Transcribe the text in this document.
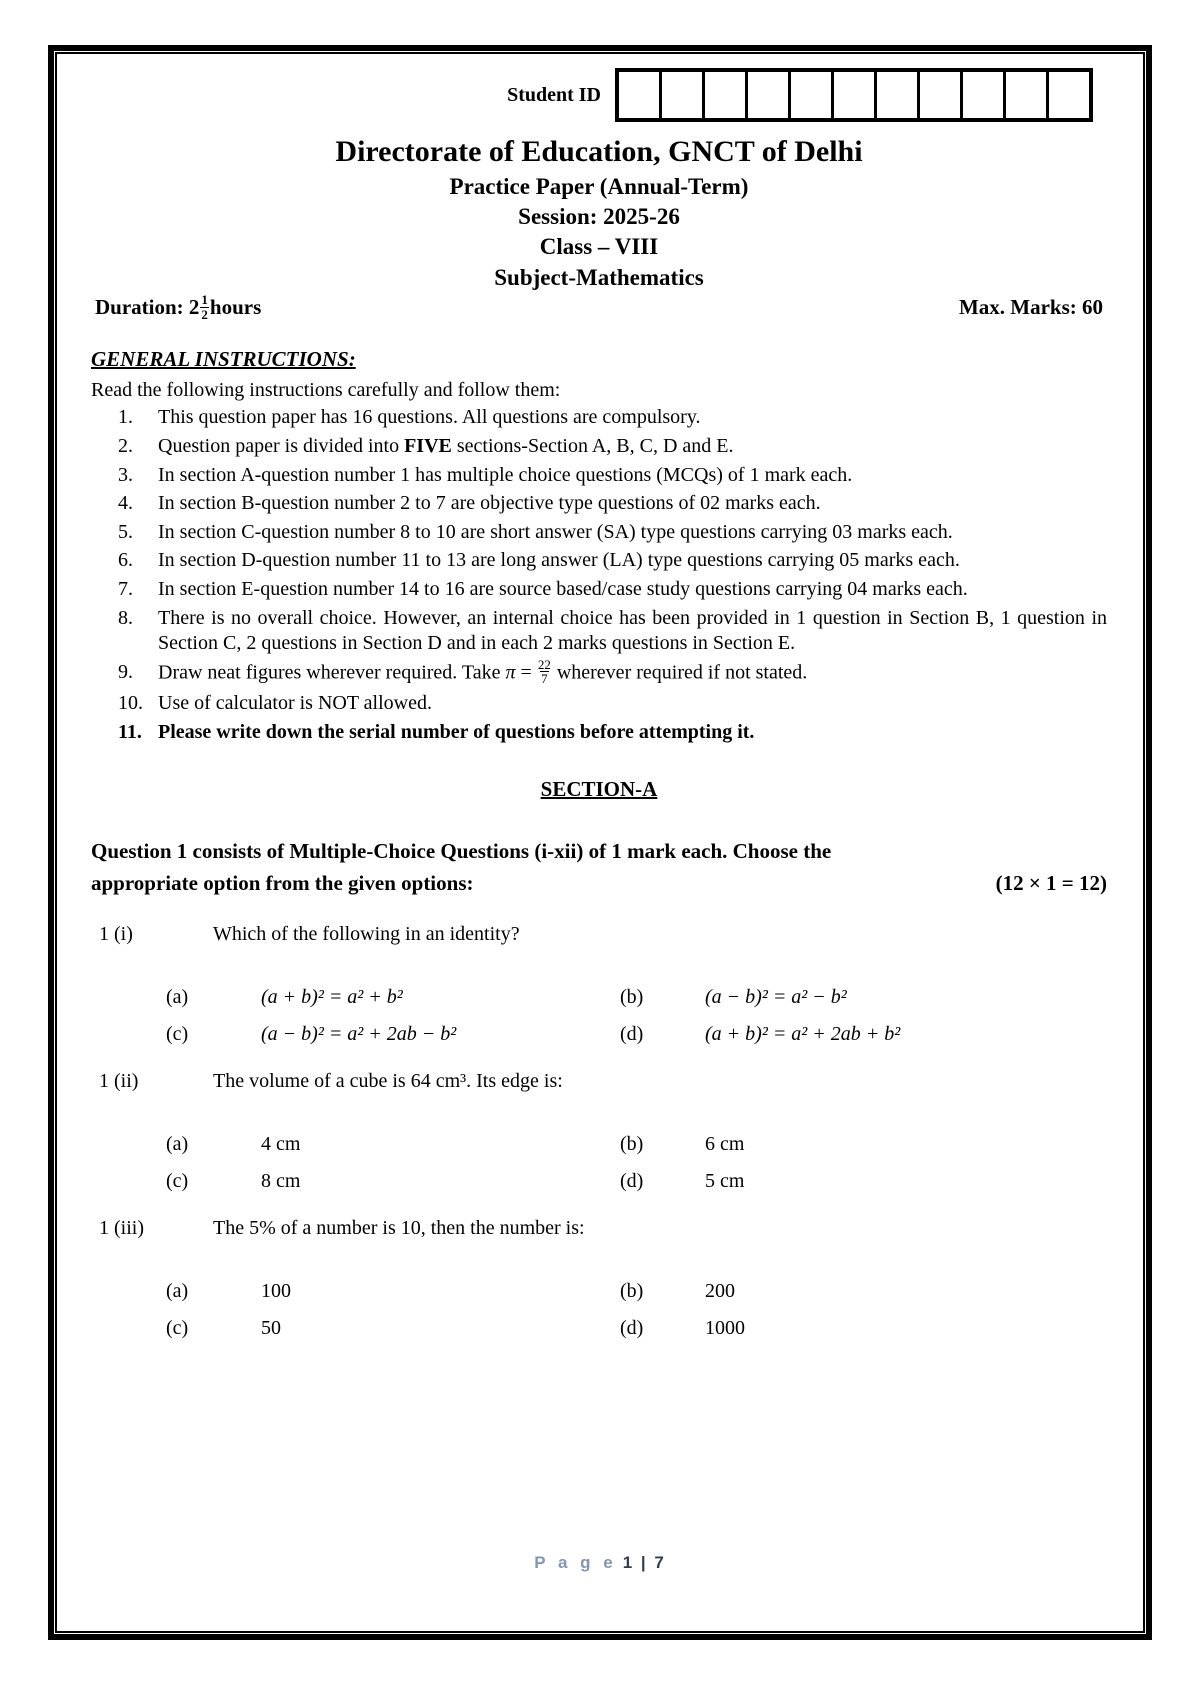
Student ID
Directorate of Education, GNCT of Delhi
Practice Paper (Annual-Term)
Session: 2025-26
Class – VIII
Subject-Mathematics
Duration: $2 \frac{1}{2}$ hours	Max. Marks: 60
GENERAL INSTRUCTIONS:
Read the following instructions carefully and follow them:
1.	This question paper has 16 questions. All questions are compulsory.
2.	Question paper is divided into FIVE sections-Section A, B, C, D and E.
3.	In section A-question number 1 has multiple choice questions (MCQs) of 1 mark each.
4.	In section B-question number 2 to 7 are objective type questions of 02 marks each.
5.	In section C-question number 8 to 10 are short answer (SA) type questions carrying 03 marks each.
6.	In section D-question number 11 to 13 are long answer (LA) type questions carrying 05 marks each.
7.	In section E-question number 14 to 16 are source based/case study questions carrying 04 marks each.
8.	There is no overall choice. However, an internal choice has been provided in 1 question in Section B, 1 question in Section C, 2 questions in Section D and in each 2 marks questions in Section E.
9.	Draw neat figures wherever required. Take $\pi = \frac{22}{7}$ wherever required if not stated.
10. Use of calculator is NOT allowed.
11. Please write down the serial number of questions before attempting it.
SECTION-A
Question 1 consists of Multiple-Choice Questions (i-xii) of 1 mark each. Choose the
appropriate option from the given options:	(12 × 1 = 12)
1 (i)	Which of the following in an identity?
(a)	(a + b)² = a² + b²	(b)	(a − b)² = a² − b²
(c)	(a − b)² = a² + 2ab − b²	(d)	(a + b)² = a² + 2ab + b²
1 (ii)	The volume of a cube is 64 cm³. Its edge is:
(a)	4 cm	(b)	6 cm
(c)	8 cm	(d)	5 cm
1 (iii)	The 5% of a number is 10, then the number is:
(a)	100	(b)	200
(c)	50	(d)	1000
P a g e 1 | 7
